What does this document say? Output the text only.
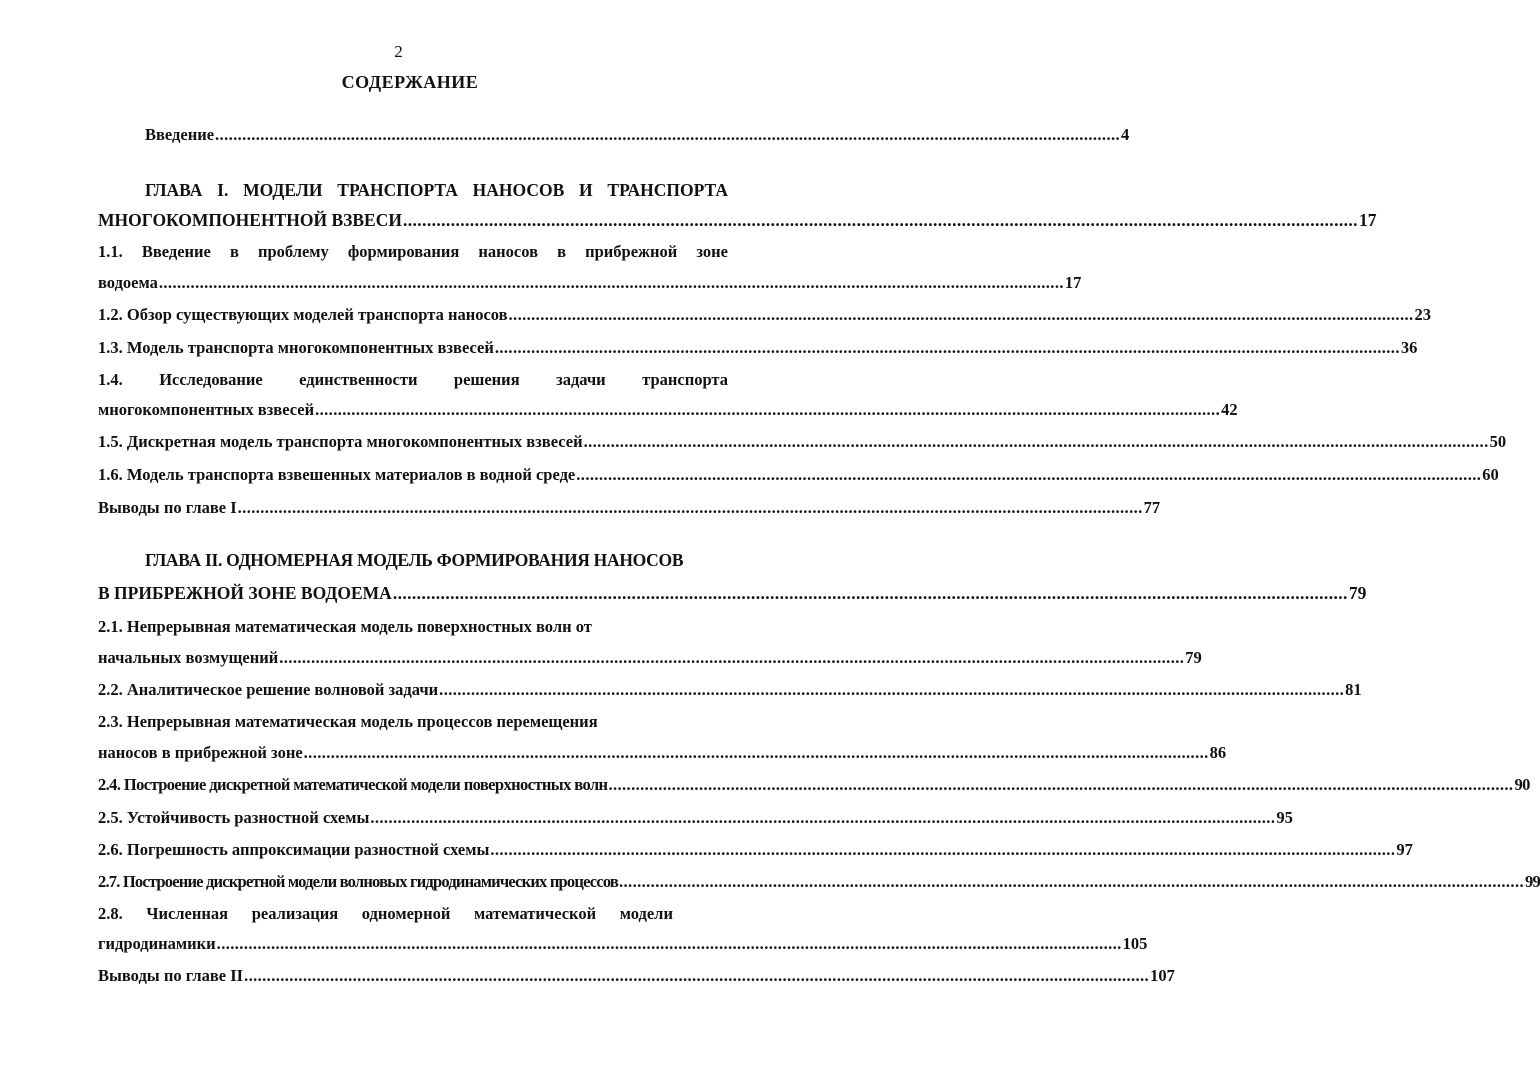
2
СОДЕРЖАНИЕ
Введение ........................................................................................................................................................................................................ 4
ГЛАВА I. МОДЕЛИ ТРАНСПОРТА НАНОСОВ И ТРАНСПОРТА
МНОГОКОМПОНЕНТНОЙ ВЗВЕСИ ........................................................................................................................................................................................................ 17
1.1. Введение в проблему формирования наносов в прибрежной зоне
водоема ........................................................................................................................................................................................................ 17
1.2. Обзор существующих моделей транспорта наносов ........................................................................................................................................................................................................ 23
1.3. Модель транспорта многокомпонентных взвесей ........................................................................................................................................................................................................ 36
1.4. Исследование единственности решения задачи транспорта
многокомпонентных взвесей ........................................................................................................................................................................................................ 42
1.5. Дискретная модель транспорта многокомпонентных взвесей ........................................................................................................................................................................................................ 50
1.6. Модель транспорта взвешенных материалов в водной среде ........................................................................................................................................................................................................ 60
Выводы по главе I ........................................................................................................................................................................................................ 77
ГЛАВА II. ОДНОМЕРНАЯ МОДЕЛЬ ФОРМИРОВАНИЯ НАНОСОВ
В ПРИБРЕЖНОЙ ЗОНЕ ВОДОЕМА ........................................................................................................................................................................................................ 79
2.1. Непрерывная математическая модель поверхностных волн от
начальных возмущений ........................................................................................................................................................................................................ 79
2.2. Аналитическое решение волновой задачи ........................................................................................................................................................................................................ 81
2.3. Непрерывная математическая модель процессов перемещения
наносов в прибрежной зоне ........................................................................................................................................................................................................ 86
2.4. Построение дискретной математической модели поверхностных волн ........................................................................................................................................................................................................ 90
2.5. Устойчивость разностной схемы ........................................................................................................................................................................................................ 95
2.6. Погрешность аппроксимации разностной схемы ........................................................................................................................................................................................................ 97
2.7. Построение дискретной модели волновых гидродинамических процессов ........................................................................................................................................................................................................ 99
2.8. Численная реализация одномерной математической модели
гидродинамики ........................................................................................................................................................................................................ 105
Выводы по главе II ........................................................................................................................................................................................................ 107
